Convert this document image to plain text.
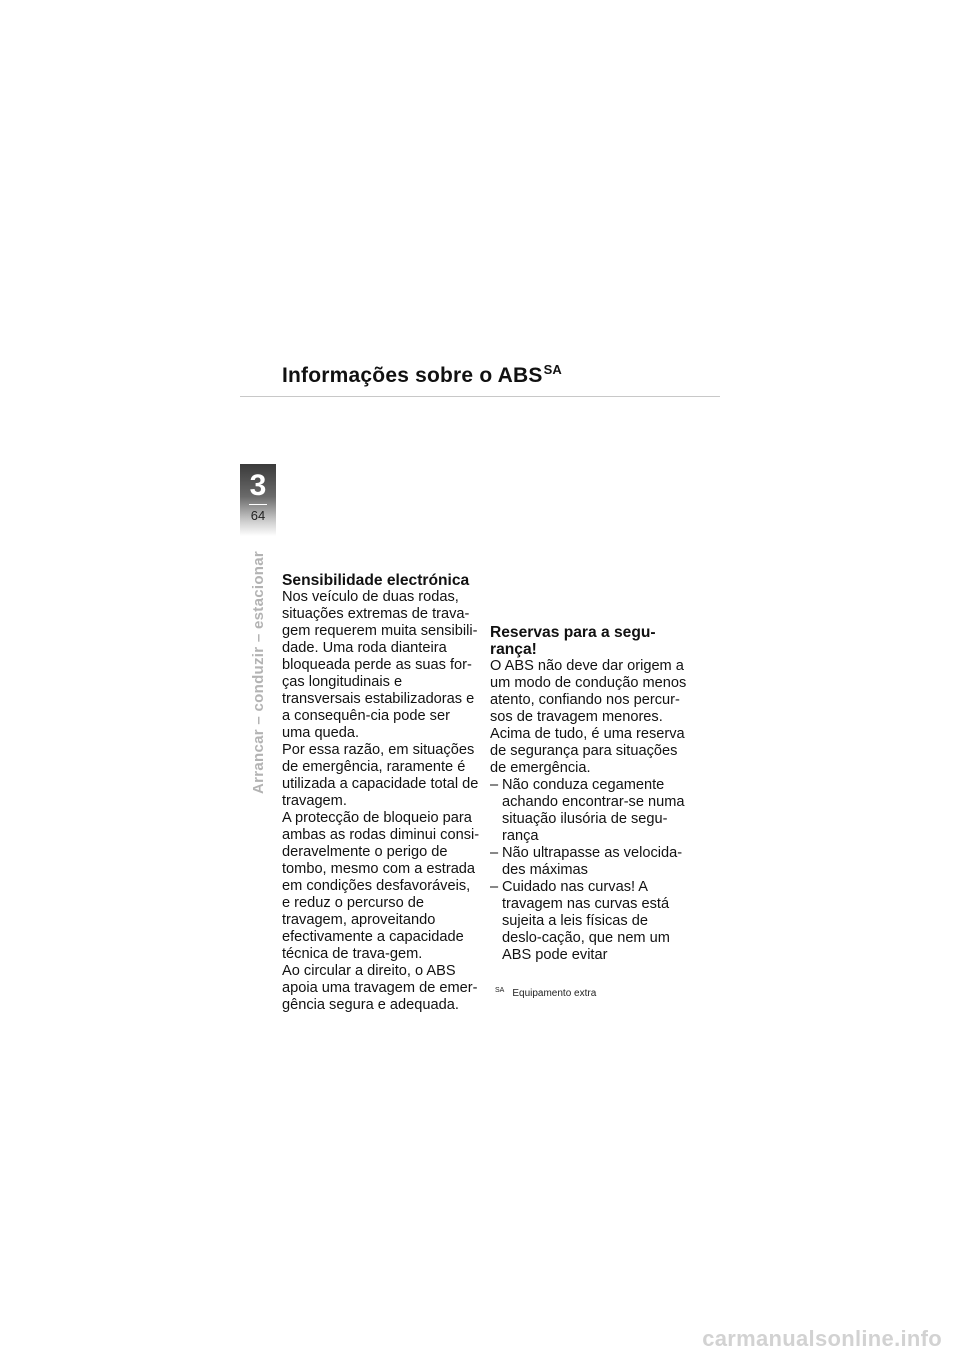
Informações sobre o $ABS^{SA}$
3
64
Arrancar – conduzir – estacionar Sensibilidade electrónica

Nos veículo de duas rodas, situações extremas de trava-gem requerem muita sensibili-dade. Uma roda dianteira bloqueada perde as suas for-ças longitudinais e transversais estabilizadoras e a consequên-cia pode ser uma queda.

Por essa razão, em situações de emergência, raramente é utilizada a capacidade total de travagem.

A protecção de bloqueio para ambas as rodas diminui consi-deravelmente o perigo de tombo, mesmo com a estrada em condições desfavoráveis, e reduz o percurso de travagem, aproveitando efectivamente a capacidade técnica de trava-gem.

Ao circular a direito, o ABS apoia uma travagem de emer-gência segura e adequada.

Reservas para a segu-rança!

O ABS não deve dar origem a um modo de condução menos atento, confiando nos percur-sos de travagem menores.

Acima de tudo, é uma reserva de segurança para situações de emergência.

– Não conduza cegamente achando encontrar-se numa situação ilusória de segu-rança
– Não ultrapasse as velocida-des máximas
– Cuidado nas curvas! A travagem nas curvas está sujeita a leis físicas de deslo-cação, que nem um ABS pode evitar
$^{SA}$ Equipamento extra
carmanualsonline.info
